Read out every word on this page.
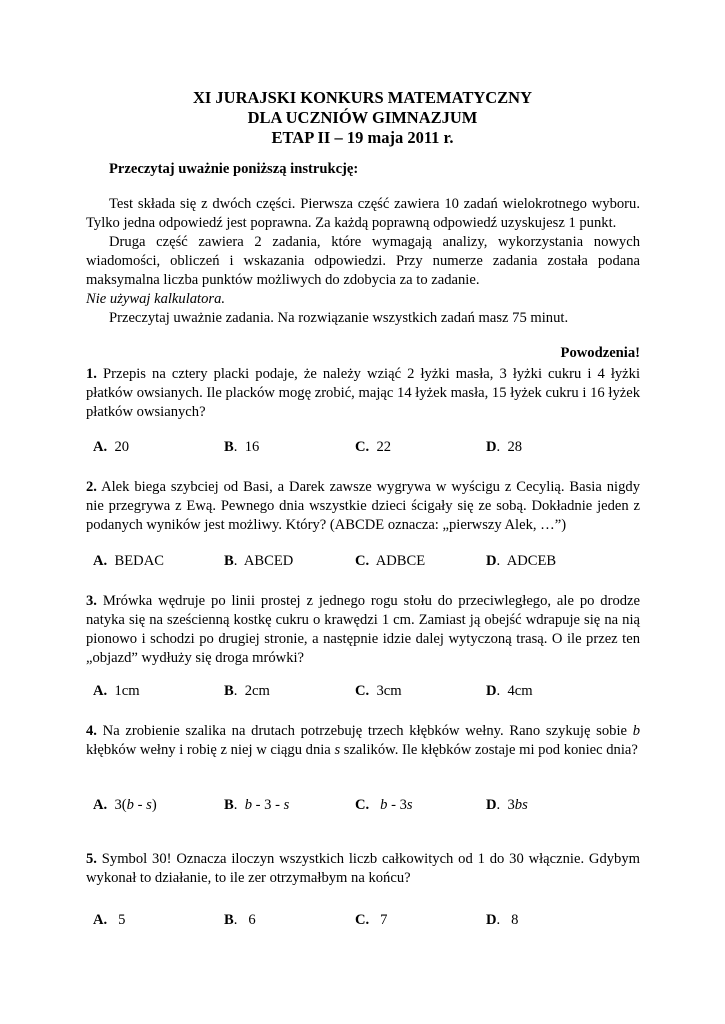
XI JURAJSKI KONKURS MATEMATYCZNY
DLA UCZNIÓW GIMNAZJUM
ETAP II – 19 maja 2011 r.

Przeczytaj uważnie poniższą instrukcję:

Test składa się z dwóch części. Pierwsza część zawiera 10 zadań wielokrotnego wyboru. Tylko jedna odpowiedź jest poprawna. Za każdą poprawną odpowiedź uzyskujesz 1 punkt.

Druga część zawiera 2 zadania, które wymagają analizy, wykorzystania nowych wiadomości, obliczeń i wskazania odpowiedzi. Przy numerze zadania została podana maksymalna liczba punktów możliwych do zdobycia za to zadanie.

Nie używaj kalkulatora.

Przeczytaj uważnie zadania. Na rozwiązanie wszystkich zadań masz 75 minut.

Powodzenia!

1. Przepis na cztery placki podaje, że należy wziąć 2 łyżki masła, 3 łyżki cukru i 4 łyżki płatków owsianych. Ile placków mogę zrobić, mając 14 łyżek masła, 15 łyżek cukru i 16 łyżek płatków owsianych?

A. 20	B.  16	C. 22	D.  28

2. Alek biega szybciej od Basi, a Darek zawsze wygrywa w wyścigu z Cecylią. Basia nigdy nie przegrywa z Ewą. Pewnego dnia wszystkie dzieci ścigały się ze sobą. Dokładnie jeden z podanych wyników jest możliwy. Który? (ABCDE oznacza: „pierwszy Alek, …”)

A. BEDAC	B.  ABCED	C. ADBCE	D.  ADCEB

3. Mrówka wędruje po linii prostej z jednego rogu stołu do przeciwległego, ale po drodze natyka się na sześcienną kostkę cukru o krawędzi 1 cm. Zamiast ją obejść wdrapuje się na nią pionowo i schodzi po drugiej stronie, a następnie idzie dalej wytyczoną trasą. O ile przez ten „objazd” wydłuży się droga mrówki?

A. 1cm	B.  2cm	C. 3cm	D.  4cm

4. Na zrobienie szalika na drutach potrzebuję trzech kłębków wełny. Rano szykuję sobie b kłębków wełny i robię z niej w ciągu dnia s szalików. Ile kłębków zostaje mi pod koniec dnia?

A. 3(b - s)	B.  b - 3 - s	C. b - 3s	D.  3bs

5. Symbol 30! Oznacza iloczyn wszystkich liczb całkowitych od 1 do 30 włącznie. Gdybym wykonał to działanie, to ile zer otrzymałbym na końcu?

A. 5	B.   6	C. 7	D.   8
